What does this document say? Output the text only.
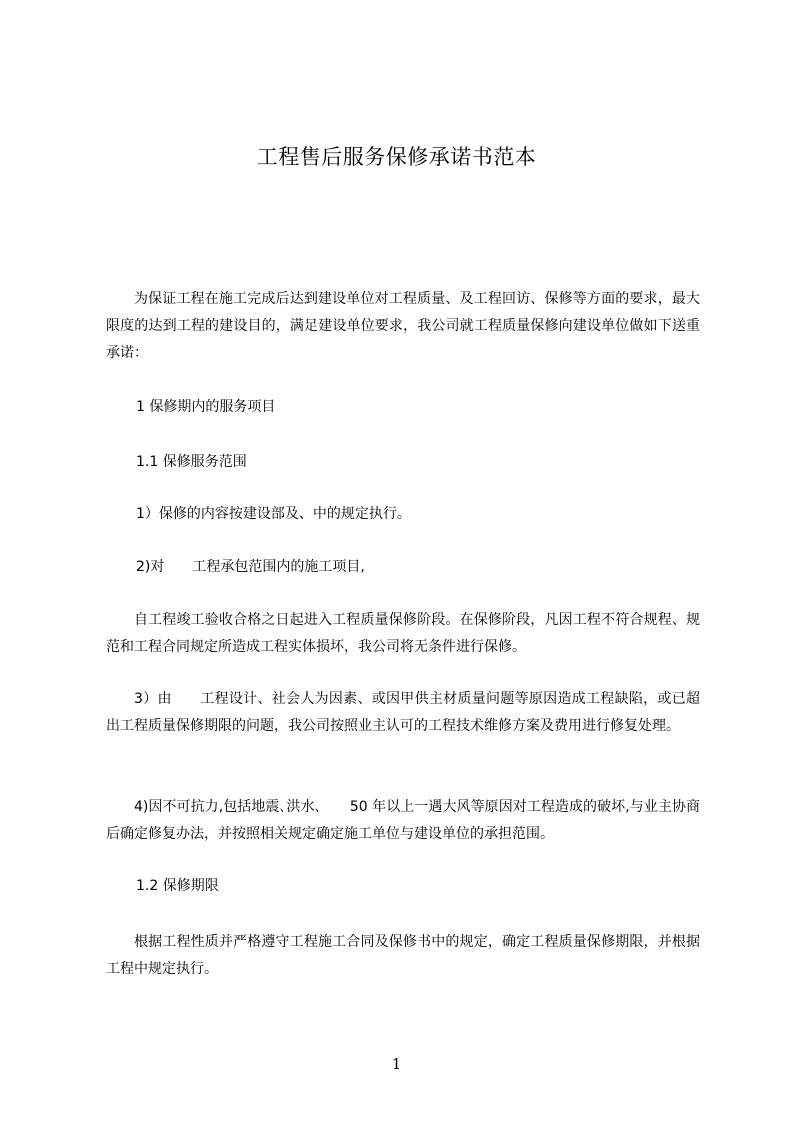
工程售后服务保修承诺书范本

为保证工程在施工完成后达到建设单位对工程质量、及工程回访、保修等方面的要求，最大限度的达到工程的建设目的，满足建设单位要求，我公司就工程质量保修向建设单位做如下送重承诺：

1 保修期内的服务项目

1.1 保修服务范围

1）保修的内容按建设部及、中的规定执行。

2)对　　工程承包范围内的施工项目,

自工程竣工验收合格之日起进入工程质量保修阶段。在保修阶段，凡因工程不符合规程、规范和工程合同规定所造成工程实体损坏，我公司将无条件进行保修。

3）由　　工程设计、社会人为因素、或因甲供主材质量问题等原因造成工程缺陷，或已超出工程质量保修期限的问题，我公司按照业主认可的工程技术维修方案及费用进行修复处理。

4)因不可抗力,包括地震､洪水､　　50 年以上一遇大风等原因对工程造成的破坏,与业主协商后确定修复办法，并按照相关规定确定施工单位与建设单位的承担范围。

1.2 保修期限

根据工程性质并严格遵守工程施工合同及保修书中的规定，确定工程质量保修期限，并根据工程中规定执行。

1
